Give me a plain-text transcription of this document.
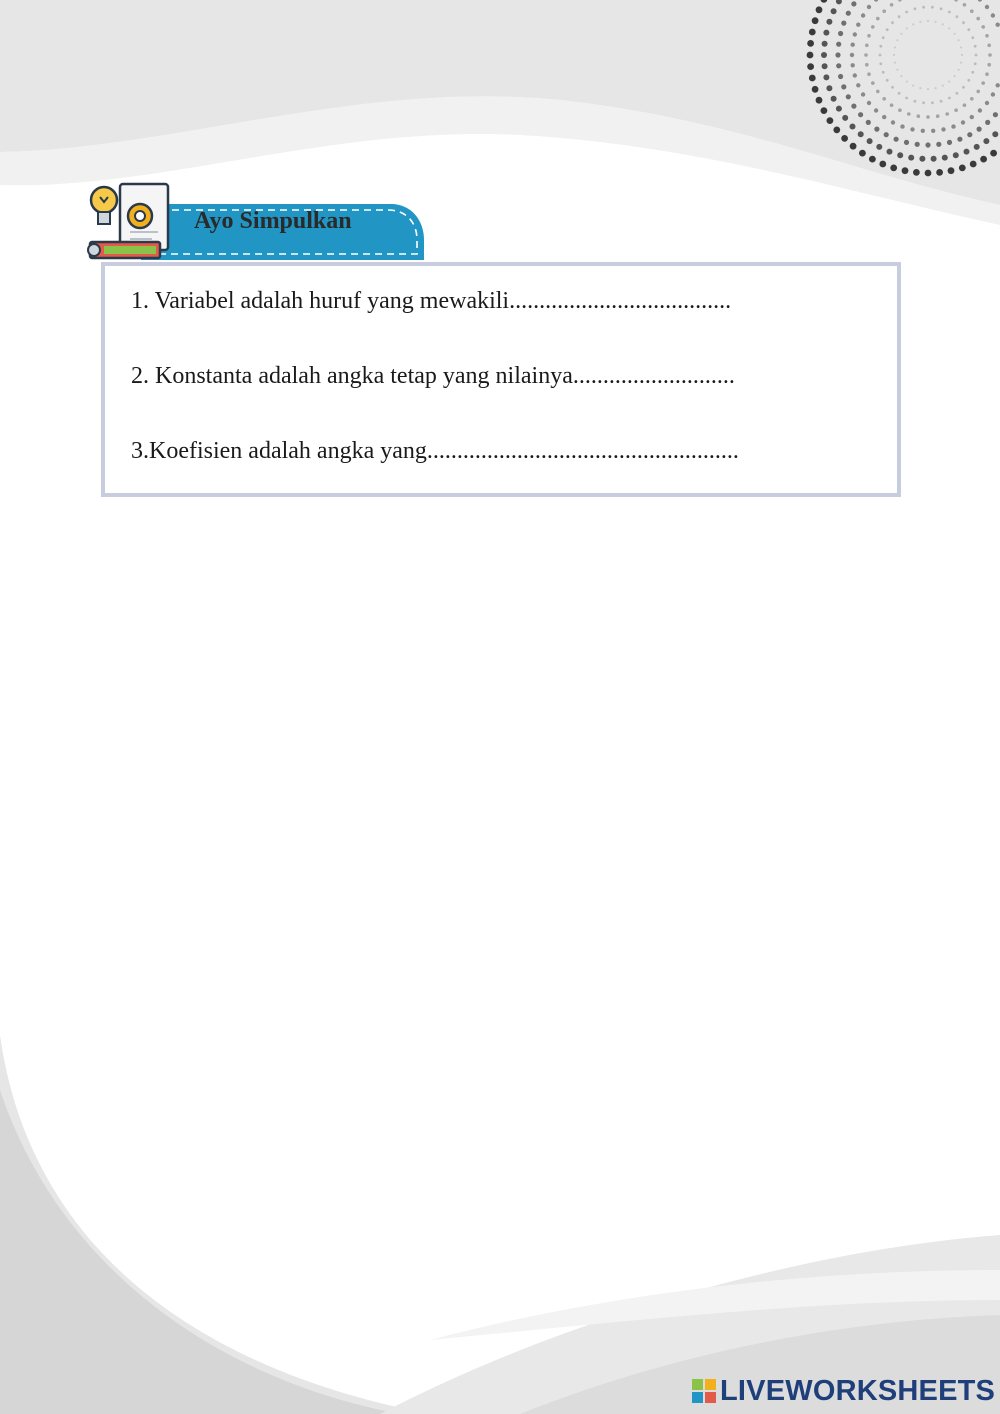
Ayo Simpulkan
1. Variabel adalah huruf yang mewakili.....................................
2. Konstanta adalah angka tetap yang nilainya...........................
3.Koefisien adalah angka yang....................................................
LIVEWORKSHEETS
